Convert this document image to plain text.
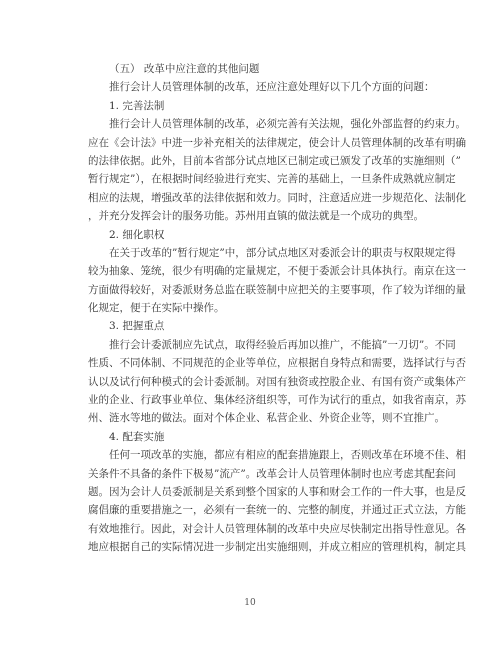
（五） 改革中应注意的其他问题
推行会计人员管理体制的改革，还应注意处理好以下几个方面的问题：
1. 完善法制
推行会计人员管理体制的改革，必须完善有关法规，强化外部监督的约束力。
应在《会计法》中进一步补充相关的法律规定，使会计人员管理体制的改革有明确
的法律依据。此外，目前本省部分试点地区已制定或已颁发了改革的实施细则（”
暂行规定”），在根据时间经验进行充实、完善的基础上，一旦条件成熟就应制定
相应的法规，增强改革的法律依据和效力。同时，注意适应进一步规范化、法制化
，并充分发挥会计的服务功能。苏州用直镇的做法就是一个成功的典型。
2. 细化职权
在关于改革的”暂行规定”中，部分试点地区对委派会计的职责与权限规定得
较为抽象、笼统，很少有明确的定量规定，不便于委派会计具体执行。南京在这一
方面做得较好，对委派财务总监在联签制中应把关的主要事项，作了较为详细的量
化规定，便于在实际中操作。
3. 把握重点
推行会计委派制应先试点，取得经验后再加以推广，不能搞”一刀切”。不同
性质、不同体制、不同规范的企业等单位，应根据自身特点和需要，选择试行与否
认以及试行何种模式的会计委派制。对国有独资或控股企业、有国有资产或集体产
业的企业、行政事业单位、集体经济组织等，可作为试行的重点，如我省南京，苏
州、涟水等地的做法。面对个体企业、私营企业、外资企业等，则不宜推广。
4. 配套实施
任何一项改革的实施，都应有相应的配套措施跟上，否则改革在环境不佳、相
关条件不具备的条件下极易”流产”。改革会计人员管理体制时也应考虑其配套问
题。因为会计人员委派制是关系到整个国家的人事和财会工作的一件大事，也是反
腐倡廉的重要措施之一，必须有一套统一的、完整的制度，并通过正式立法，方能
有效地推行。因此，对会计人员管理体制的改革中央应尽快制定出指导性意见。各
地应根据自己的实际情况进一步制定出实施细则，并成立相应的管理机构，制定具
10
